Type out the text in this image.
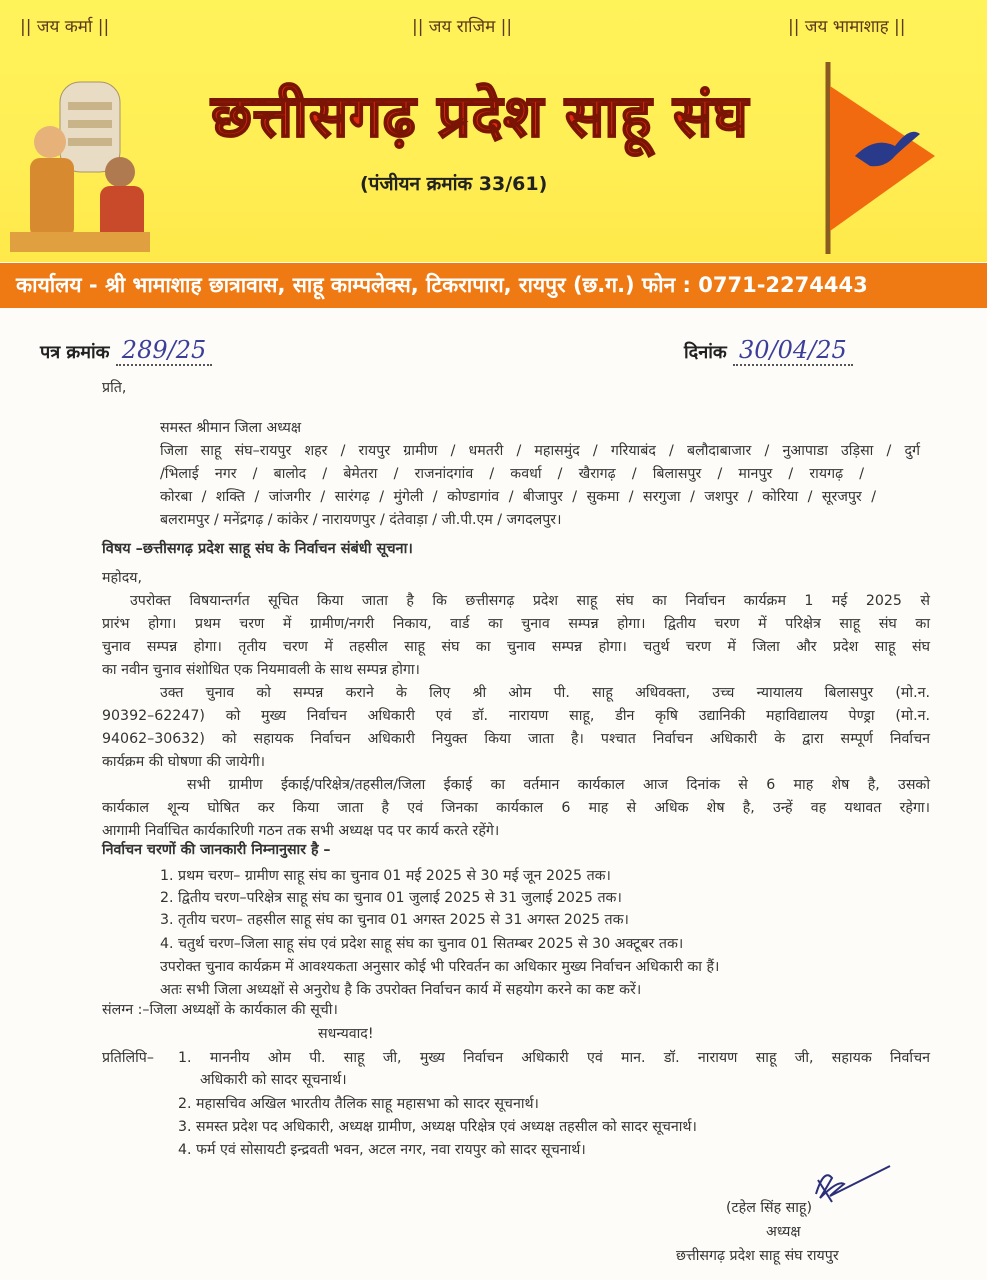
|| जय कर्मा ||	|| जय राजिम ||	|| जय भामाशाह ||
छत्तीसगढ़ प्रदेश साहू संघ
(पंजीयन क्रमांक 33/61)
कार्यालय - श्री भामाशाह छात्रावास, साहू काम्पलेक्स, टिकरापारा, रायपुर (छ.ग.) फोन : 0771-2274443
पत्र क्रमांक 289/25	दिनांक 30/04/25
प्रति,
समस्त श्रीमान जिला अध्यक्ष
जिला साहू संघ–रायपुर शहर / रायपुर ग्रामीण / धमतरी / महासमुंद / गरियाबंद / बलौदाबाजार / नुआपाडा उड़िसा / दुर्ग
/भिलाई नगर / बालोद / बेमेतरा / राजनांदगांव / कवर्धा / खैरागढ़ / बिलासपुर / मानपुर / रायगढ़ /
कोरबा / शक्ति / जांजगीर / सारंगढ़ / मुंगेली / कोण्डागांव / बीजापुर / सुकमा / सरगुजा / जशपुर / कोरिया / सूरजपुर /
बलरामपुर / मनेंद्रगढ़ / कांकेर / नारायणपुर / दंतेवाड़ा / जी.पी.एम / जगदलपुर।
विषय –छत्तीसगढ़ प्रदेश साहू संघ के निर्वाचन संबंधी सूचना।
महोदय,
उपरोक्त विषयान्तर्गत सूचित किया जाता है कि छत्तीसगढ़ प्रदेश साहू संघ का निर्वाचन कार्यक्रम 1 मई 2025 से
प्रारंभ होगा। प्रथम चरण में ग्रामीण/नगरी निकाय, वार्ड का चुनाव सम्पन्न होगा। द्वितीय चरण में परिक्षेत्र साहू संघ का
चुनाव सम्पन्न होगा। तृतीय चरण में तहसील साहू संघ का चुनाव सम्पन्न होगा। चतुर्थ चरण में जिला और प्रदेश साहू संघ
का नवीन चुनाव संशोधित एक नियमावली के साथ सम्पन्न होगा।
उक्त चुनाव को सम्पन्न कराने के लिए श्री ओम पी. साहू अधिवक्ता, उच्च न्यायालय बिलासपुर (मो.न.
90392–62247) को मुख्य निर्वाचन अधिकारी एवं डॉ. नारायण साहू, डीन कृषि उद्यानिकी महाविद्यालय पेण्ड्रा (मो.न.
94062–30632) को सहायक निर्वाचन अधिकारी नियुक्त किया जाता है। पश्चात निर्वाचन अधिकारी के द्वारा सम्पूर्ण निर्वाचन
कार्यक्रम की घोषणा की जायेगी।
सभी ग्रामीण ईकाई/परिक्षेत्र/तहसील/जिला ईकाई का वर्तमान कार्यकाल आज दिनांक से 6 माह शेष है, उसको
कार्यकाल शून्य घोषित कर किया जाता है एवं जिनका कार्यकाल 6 माह से अधिक शेष है, उन्हें वह यथावत रहेगा।
आगामी निर्वाचित कार्यकारिणी गठन तक सभी अध्यक्ष पद पर कार्य करते रहेंगे।
निर्वाचन चरणों की जानकारी निम्नानुसार है –
1. प्रथम चरण– ग्रामीण साहू संघ का चुनाव 01 मई 2025 से 30 मई जून 2025 तक।
2. द्वितीय चरण–परिक्षेत्र साहू संघ का चुनाव 01 जुलाई 2025 से 31 जुलाई 2025 तक।
3. तृतीय चरण– तहसील साहू संघ का चुनाव 01 अगस्त 2025 से 31 अगस्त 2025 तक।
4. चतुर्थ चरण–जिला साहू संघ एवं प्रदेश साहू संघ का चुनाव 01 सितम्बर 2025 से 30 अक्टूबर तक।
उपरोक्त चुनाव कार्यक्रम में आवश्यकता अनुसार कोई भी परिवर्तन का अधिकार मुख्य निर्वाचन अधिकारी का हैं।
अतः सभी जिला अध्यक्षों से अनुरोध है कि उपरोक्त निर्वाचन कार्य में सहयोग करने का कष्ट करें।
संलग्न :–जिला अध्यक्षों के कार्यकाल की सूची।
सधन्यवाद!
प्रतिलिपि– 1. माननीय ओम पी. साहू जी, मुख्य निर्वाचन अधिकारी एवं मान. डॉ. नारायण साहू जी, सहायक निर्वाचन
अधिकारी को सादर सूचनार्थ।
2. महासचिव अखिल भारतीय तैलिक साहू महासभा को सादर सूचनार्थ।
3. समस्त प्रदेश पद अधिकारी, अध्यक्ष ग्रामीण, अध्यक्ष परिक्षेत्र एवं अध्यक्ष तहसील को सादर सूचनार्थ।
4. फर्म एवं सोसायटी इन्द्रवती भवन, अटल नगर, नवा रायपुर को सादर सूचनार्थ।
(टहेल सिंह साहू)
अध्यक्ष
छत्तीसगढ़ प्रदेश साहू संघ रायपुर
